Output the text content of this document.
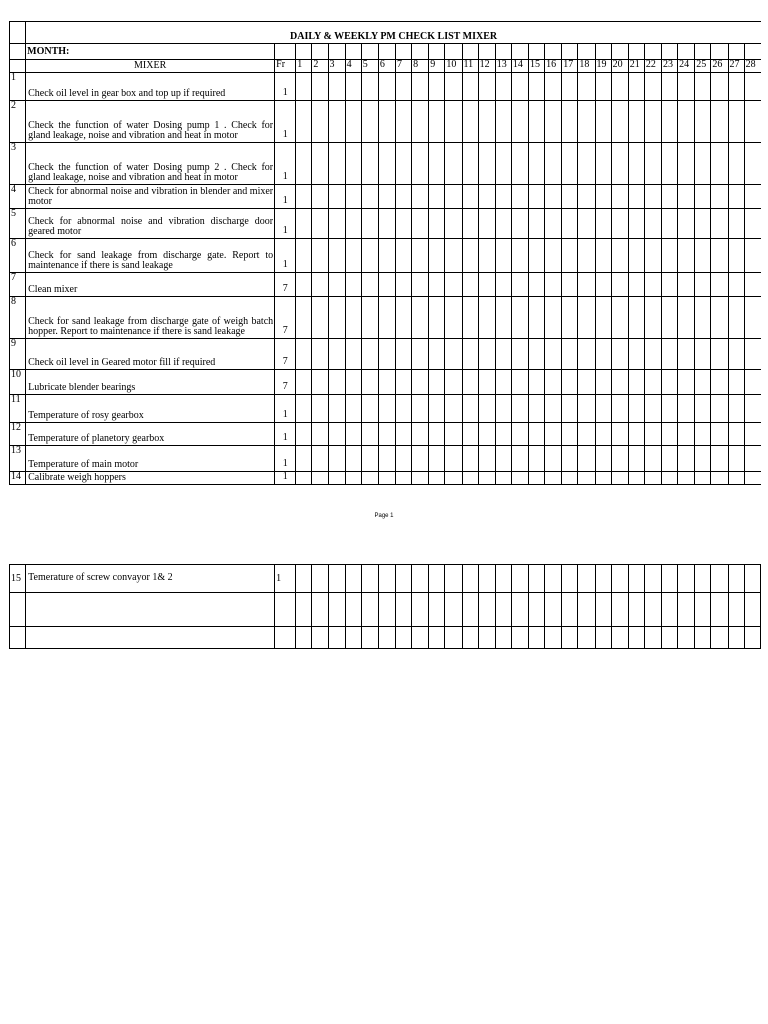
	DAILY & WEEKLY PM CHECK LIST MIXER																													
	MONTH:																													
	MIXER	Fr	1	2	3	4	5	6	7	8	9	10	11	12	13	14	15	16	17	18	19	20	21	22	23	24	25	26	27	28
1	Check oil level in gear box and top up if required	1																												
2	Check the function of water Dosing pump 1 . Check for gland leakage, noise and vibration and heat in motor	1																												
3	Check the function of water Dosing pump 2 . Check for gland leakage, noise and vibration and heat in motor	1																												
4	Check for abnormal noise and vibration in blender and mixer motor	1																												
5	Check for abnormal noise and vibration discharge door geared motor	1																												
6	Check for sand leakage from discharge gate. Report to maintenance if there is sand leakage	1																												
7	Clean mixer	7																												
8	Check for sand leakage from discharge gate of weigh batch hopper. Report to maintenance if there is sand leakage	7																												
9	Check oil level in Geared motor fill if required	7																												
10	Lubricate blender bearings	7																												
11	Temperature of rosy gearbox	1																												
12	Temperature of planetory gearbox	1																												
13	Temperature of main motor	1																												
14	Calibrate weigh hoppers	1																												
Page 1
15	Temerature of screw convayor 1& 2	1																												
